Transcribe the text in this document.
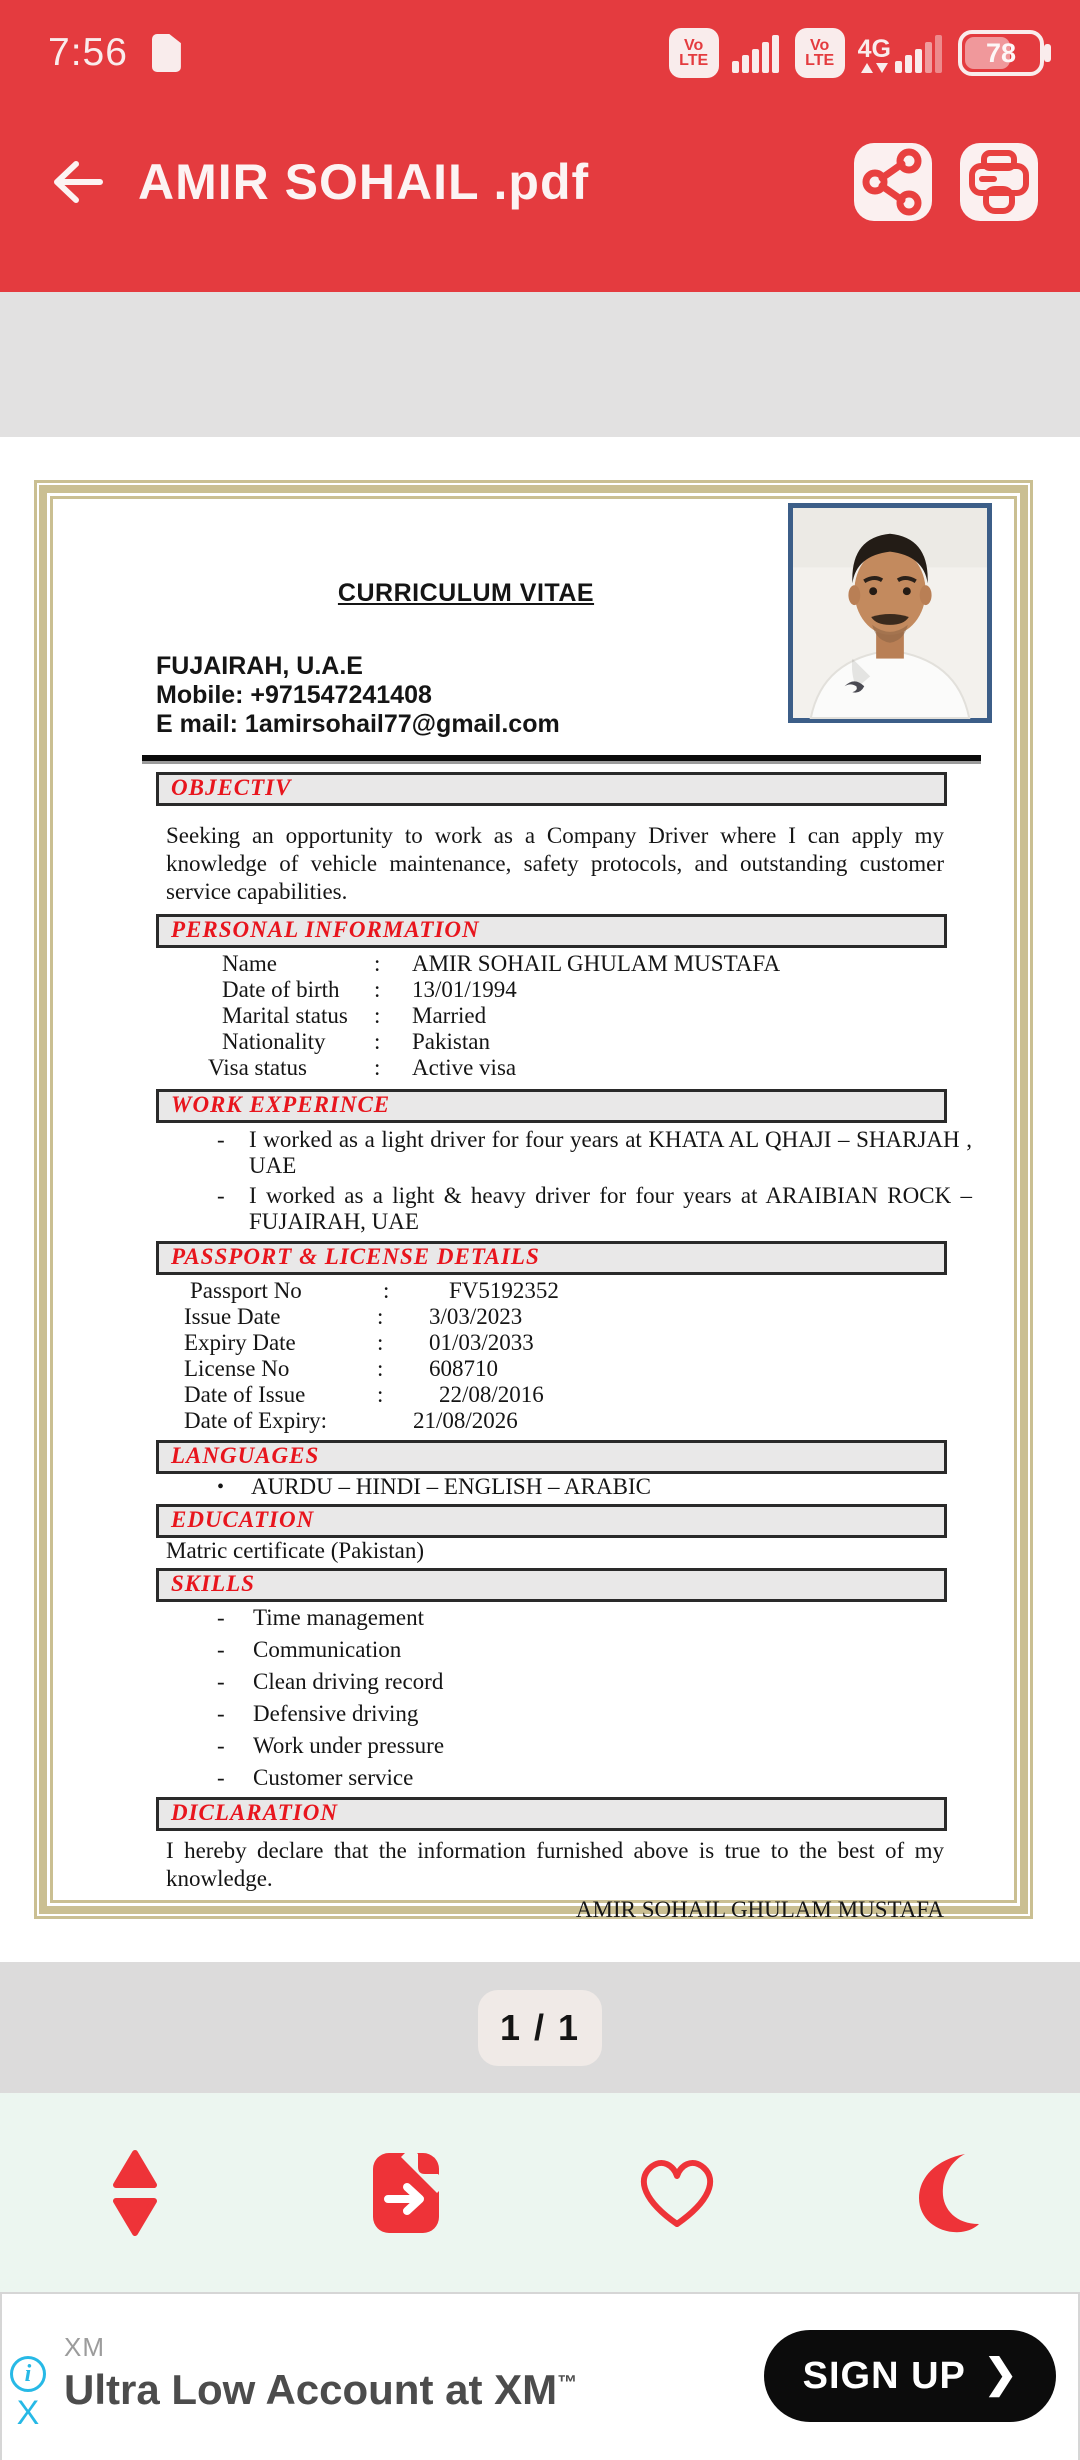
7:56	Vo
LTE
Vo
LTE 4G	78
AMIR SOHAIL .pdf
CURRICULUM VITAE
FUJAIRAH, U.A.E
Mobile: +971547241408
E mail: 1amirsohail77@gmail.com
OBJECTIV
Seeking an opportunity to work as a Company Driver where I can apply my knowledge of vehicle maintenance, safety protocols, and outstanding customer service capabilities.
PERSONAL INFORMATION
Name	:	AMIR SOHAIL GHULAM MUSTAFA
Date of birth	:	13/01/1994
Marital status	:	Married
Nationality	:	Pakistan
Visa status	:	Active visa
WORK EXPERINCE
-	I worked as a light driver for four years at KHATA AL QHAJI – SHARJAH , UAE
-	I worked as a light & heavy driver for four years at ARAIBIAN ROCK – FUJAIRAH, UAE
PASSPORT & LICENSE DETAILS
Passport No	:	FV5192352
Issue Date	:	3/03/2023
Expiry Date	:	01/03/2033
License No	:	608710
Date of Issue	:	22/08/2016
Date of Expiry:	21/08/2026
LANGUAGES
•	AURDU – HINDI – ENGLISH – ARABIC
EDUCATION
Matric certificate (Pakistan)
SKILLS
-	Time management
-	Communication
-	Clean driving record
-	Defensive driving
-	Work under pressure
-	Customer service
DICLARATION
I hereby declare that the information furnished above is true to the best of my knowledge.
AMIR SOHAIL GHULAM MUSTAFA
1 / 1
i
X
XM
Ultra Low Account at XM™	SIGN UP ❯
